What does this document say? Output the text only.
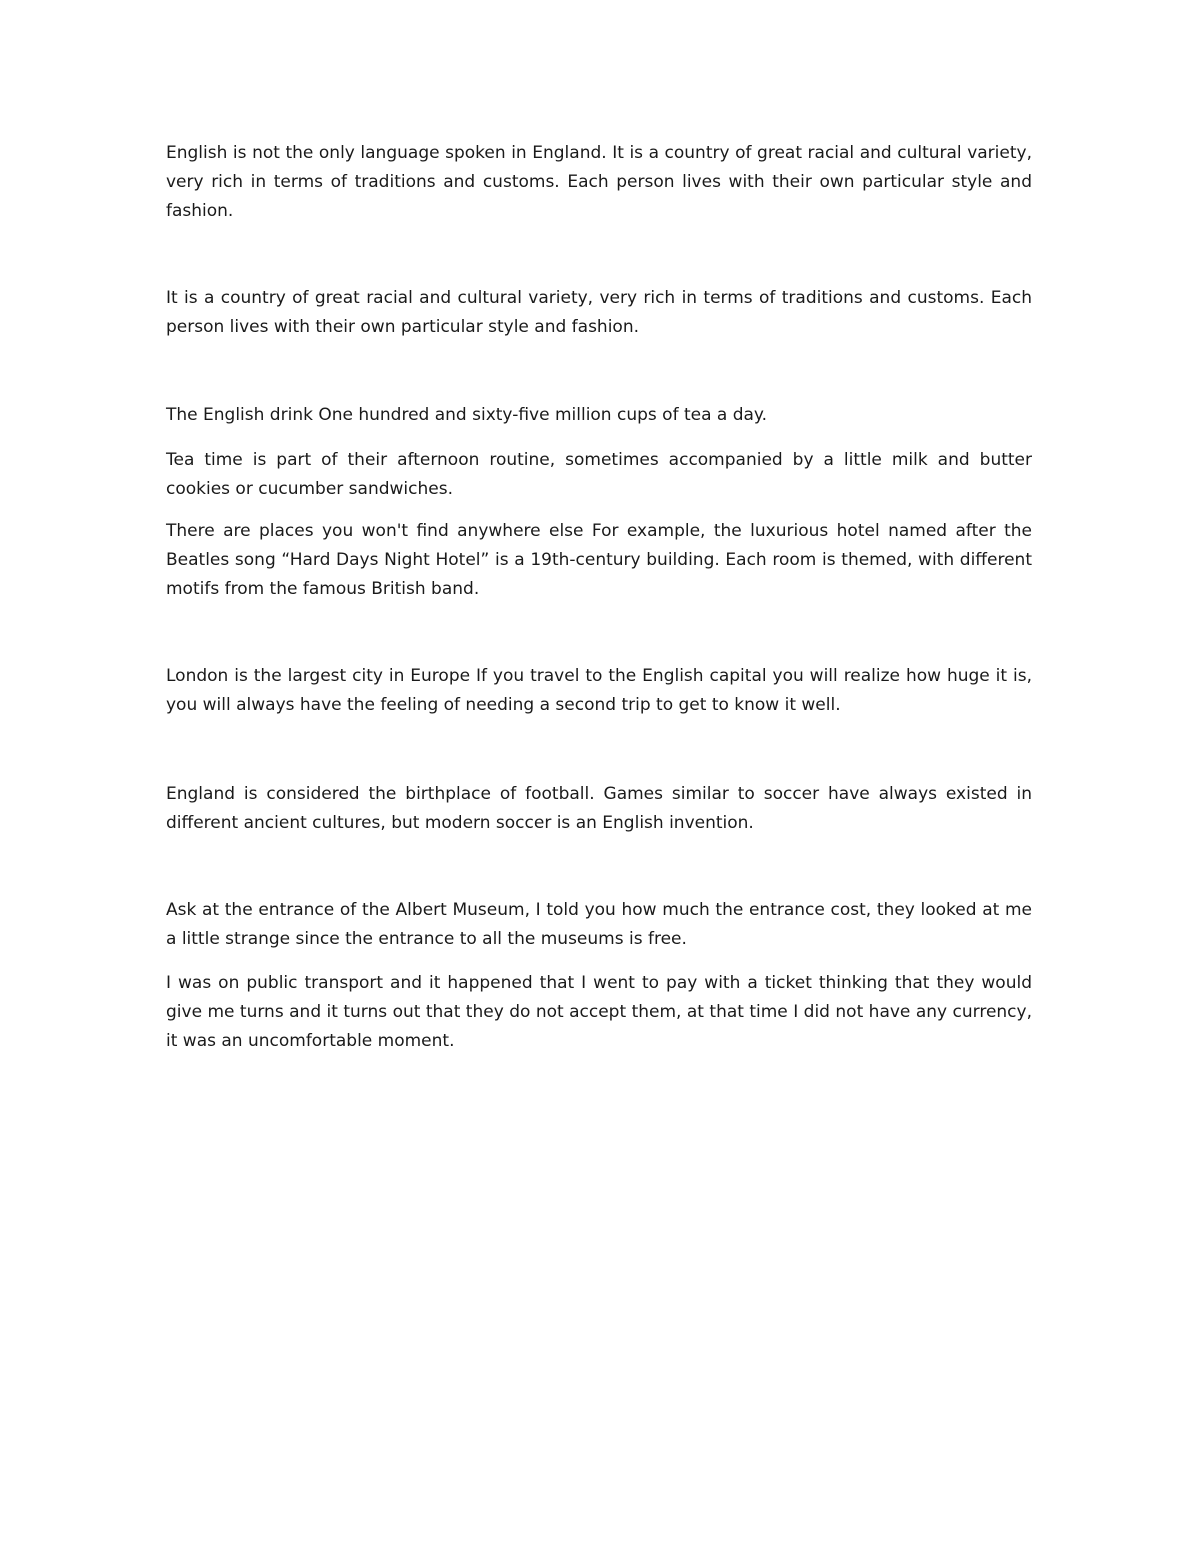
English is not the only language spoken in England. It is a country of great racial and cultural variety, very rich in terms of traditions and customs. Each person lives with their own particular style and fashion.

It is a country of great racial and cultural variety, very rich in terms of traditions and customs. Each person lives with their own particular style and fashion.

The English drink One hundred and sixty-five million cups of tea a day.

Tea time is part of their afternoon routine, sometimes accompanied by a little milk and butter cookies or cucumber sandwiches.

There are places you won't find anywhere else For example, the luxurious hotel named after the Beatles song “Hard Days Night Hotel” is a 19th-century building. Each room is themed, with different motifs from the famous British band.

London is the largest city in Europe If you travel to the English capital you will realize how huge it is, you will always have the feeling of needing a second trip to get to know it well.

England is considered the birthplace of football. Games similar to soccer have always existed in different ancient cultures, but modern soccer is an English invention.

Ask at the entrance of the Albert Museum, I told you how much the entrance cost, they looked at me a little strange since the entrance to all the museums is free.

I was on public transport and it happened that I went to pay with a ticket thinking that they would give me turns and it turns out that they do not accept them, at that time I did not have any currency, it was an uncomfortable moment.
